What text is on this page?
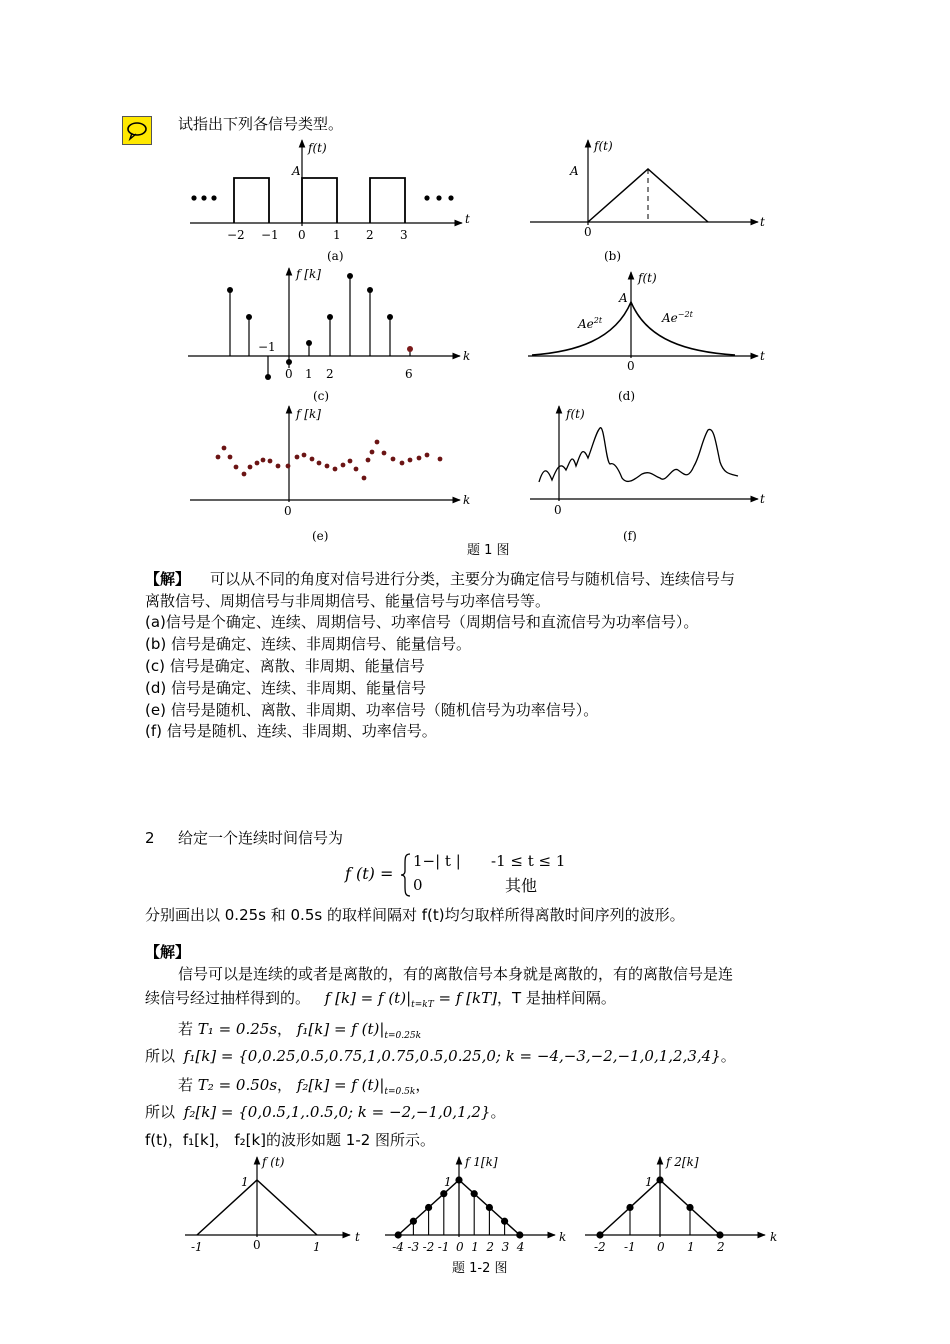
试指出下列各信号类型。
f(t)
A
t
−2 −1 0 1 2 3
(a)
f(t)
A
t
0
(b)
f [k]
k
−1
0 1 2	6
(c)
f(t)
A
$Ae^{2t}$	$Ae^{-2t}$
t
0
(d)
f [k]
k
0
(e)
f(t)
t
0
(f)
题 1 图
【解】 可以从不同的角度对信号进行分类，主要分为确定信号与随机信号、连续信号与
离散信号、周期信号与非周期信号、能量信号与功率信号等。
(a)信号是个确定、连续、周期信号、功率信号（周期信号和直流信号为功率信号）。
(b) 信号是确定、连续、非周期信号、能量信号。
(c) 信号是确定、离散、非周期、能量信号
(d) 信号是确定、连续、非周期、能量信号
(e) 信号是随机、离散、非周期、功率信号（随机信号为功率信号）。
(f) 信号是随机、连续、非周期、功率信号。
2 给定一个连续时间信号为
f (t) =
1−| t | -1 ≤ t ≤ 1
0	其他
分别画出以 0.25s 和 0.5s 的取样间隔对 f(t)均匀取样所得离散时间序列的波形。
【解】
信号可以是连续的或者是离散的，有的离散信号本身就是离散的，有的离散信号是连
续信号经过抽样得到的。 f [k] = f $(t)|_{t=kT} = f$ [kT]，T 是抽样间隔。
若 T₁ = 0.25s， f₁[k] = f $(t)|_{t=0.25k}$
所以 f₁[k] = {0,0.25,0.5,0.75,1,0.75,0.5,0.25,0; k = −4,−3,−2,−1,0,1,2,3,4}。
若 T₂ = 0.50s， f₂[k] = f $(t)|_{t=0.5k}$，
所以 f₂[k] = {0,0.5,1,.0.5,0; k = −2,−1,0,1,2}。
f(t)，f₁[k]， f₂[k]的波形如题 1-2 图所示。
f (t)
t
1
-1	0	1
f 1[k]
k
1
f 2[k]
k
1
-4 -3 -2 -1 0 1 2 3 4	-2 -1 0 1 2
题 1-2 图
